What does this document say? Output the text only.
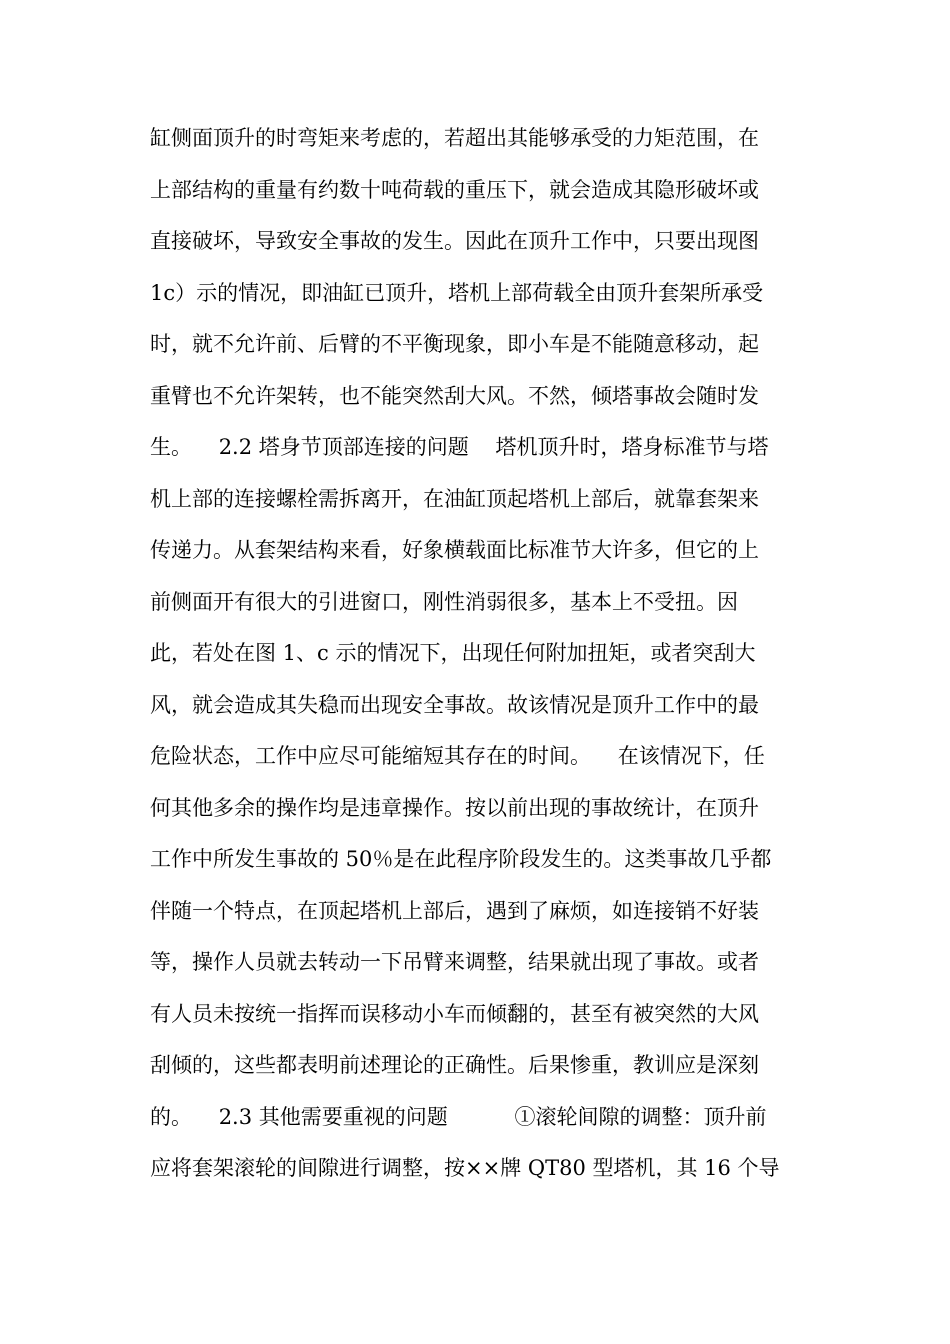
缸侧面顶升的时弯矩来考虑的，若超出其能够承受的力矩范围，在
上部结构的重量有约数十吨荷载的重压下，就会造成其隐形破坏或
直接破坏，导致安全事故的发生。因此在顶升工作中，只要出现图
1c）示的情况，即油缸已顶升，塔机上部荷载全由顶升套架所承受
时，就不允许前、后臂的不平衡现象，即小车是不能随意移动，起
重臂也不允许架转，也不能突然刮大风。不然，倾塔事故会随时发
生。    2.2 塔身节顶部连接的问题    塔机顶升时，塔身标准节与塔
机上部的连接螺栓需拆离开，在油缸顶起塔机上部后，就靠套架来
传递力。从套架结构来看，好象横载面比标准节大许多，但它的上
前侧面开有很大的引进窗口，刚性消弱很多，基本上不受扭。因
此，若处在图 1、c 示的情况下，出现任何附加扭矩，或者突刮大
风，就会造成其失稳而出现安全事故。故该情况是顶升工作中的最
危险状态，工作中应尽可能缩短其存在的时间。    在该情况下，任
何其他多余的操作均是违章操作。按以前出现的事故统计，在顶升
工作中所发生事故的 50％是在此程序阶段发生的。这类事故几乎都
伴随一个特点，在顶起塔机上部后，遇到了麻烦，如连接销不好装
等，操作人员就去转动一下吊臂来调整，结果就出现了事故。或者
有人员未按统一指挥而误移动小车而倾翻的，甚至有被突然的大风
刮倾的，这些都表明前述理论的正确性。后果惨重，教训应是深刻
的。    2.3 其他需要重视的问题          ①滚轮间隙的调整：顶升前
应将套架滚轮的间隙进行调整，按××牌 QT80 型塔机，其 16 个导
